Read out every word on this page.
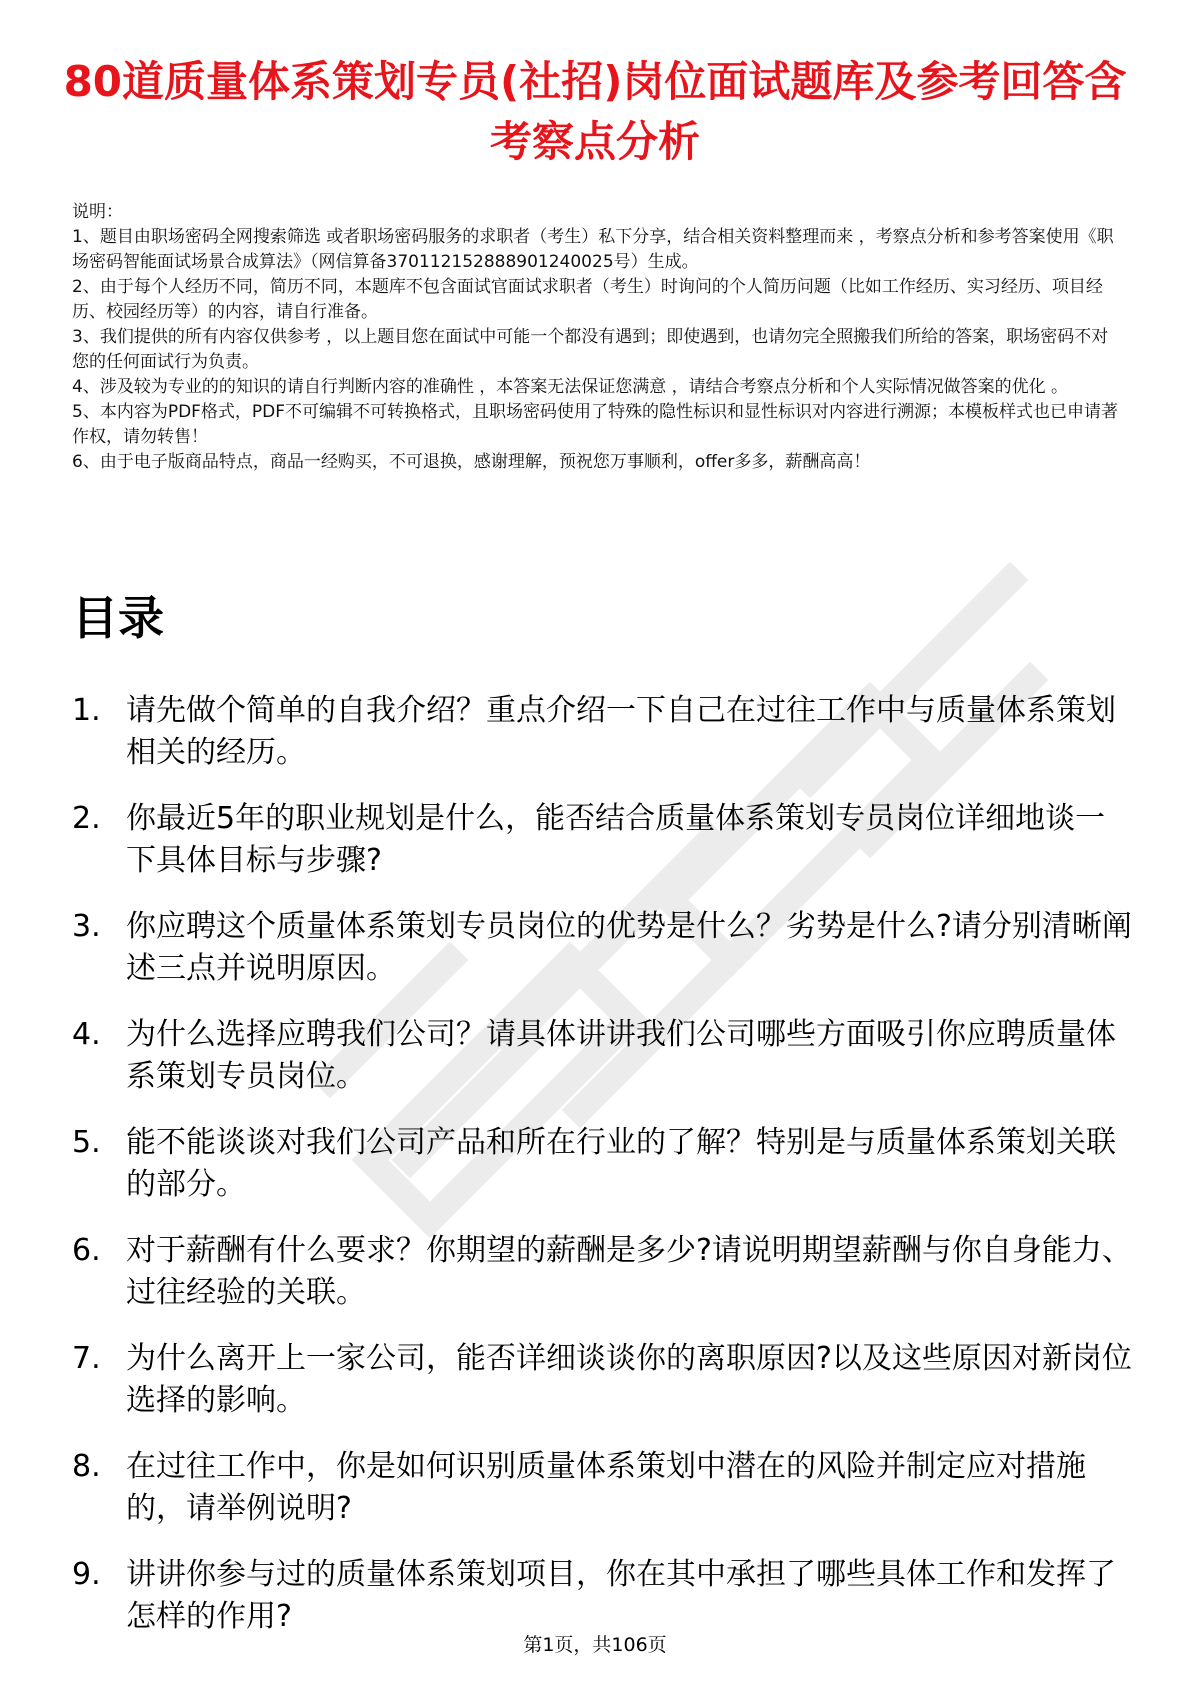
80道质量体系策划专员(社招)岗位面试题库及参考回答含考察点分析

说明：

1、题目由职场密码全网搜索筛选 或者职场密码服务的求职者（考生）私下分享，结合相关资料整理而来 ，考察点分析和参考答案使用《职场密码智能面试场景合成算法》（网信算备370112152888901240025号）生成。

2、由于每个人经历不同，简历不同，本题库不包含面试官面试求职者（考生）时询问的个人简历问题（比如工作经历、实习经历、项目经历、校园经历等）的内容，请自行准备。

3、我们提供的所有内容仅供参考 ，以上题目您在面试中可能一个都没有遇到；即使遇到，也请勿完全照搬我们所给的答案，职场密码不对您的任何面试行为负责。

4、涉及较为专业的的知识的请自行判断内容的准确性 ，本答案无法保证您满意 ，请结合考察点分析和个人实际情况做答案的优化 。

5、本内容为PDF格式，PDF不可编辑不可转换格式，且职场密码使用了特殊的隐性标识和显性标识对内容进行溯源；本模板样式也已申请著作权，请勿转售！

6、由于电子版商品特点，商品一经购买，不可退换，感谢理解，预祝您万事顺利，offer多多，薪酬高高！

目录
1. 请先做个简单的自我介绍？重点介绍一下自己在过往工作中与质量体系策划相关的经历。
2. 你最近5年的职业规划是什么，能否结合质量体系策划专员岗位详细地谈一下具体目标与步骤?
3. 你应聘这个质量体系策划专员岗位的优势是什么？劣势是什么?请分别清晰阐述三点并说明原因。
4. 为什么选择应聘我们公司？请具体讲讲我们公司哪些方面吸引你应聘质量体系策划专员岗位。
5. 能不能谈谈对我们公司产品和所在行业的了解？特别是与质量体系策划关联的部分。
6. 对于薪酬有什么要求？你期望的薪酬是多少?请说明期望薪酬与你自身能力、过往经验的关联。
7. 为什么离开上一家公司，能否详细谈谈你的离职原因?以及这些原因对新岗位选择的影响。
8. 在过往工作中，你是如何识别质量体系策划中潜在的风险并制定应对措施的，请举例说明?
9. 讲讲你参与过的质量体系策划项目，你在其中承担了哪些具体工作和发挥了怎样的作用?
第1页，共106页
